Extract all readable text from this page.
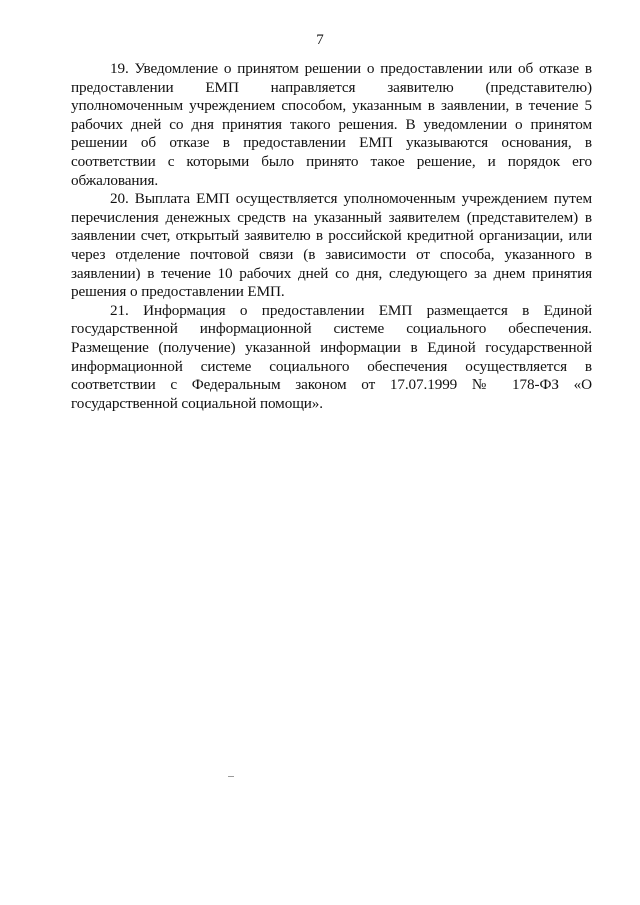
7

19. Уведомление о принятом решении о предоставлении или об отказе в предоставлении ЕМП направляется заявителю (представителю) уполномоченным учреждением способом, указанным в заявлении, в течение 5 рабочих дней со дня принятия такого решения. В уведомлении о принятом решении об отказе в предоставлении ЕМП указываются основания, в соответствии с которыми было принято такое решение, и порядок его обжалования.

20. Выплата ЕМП осуществляется уполномоченным учреждением путем перечисления денежных средств на указанный заявителем (представителем) в заявлении счет, открытый заявителю в российской кредитной организации, или через отделение почтовой связи (в зависимости от способа, указанного в заявлении) в течение 10 рабочих дней со дня, следующего за днем принятия решения о предоставлении ЕМП.

21. Информация о предоставлении ЕМП размещается в Единой государственной информационной системе социального обеспечения. Размещение (получение) указанной информации в Единой государственной информационной системе социального обеспечения осуществляется в соответствии с Федеральным законом от 17.07.1999 № 178-ФЗ «О государственной социальной помощи».
